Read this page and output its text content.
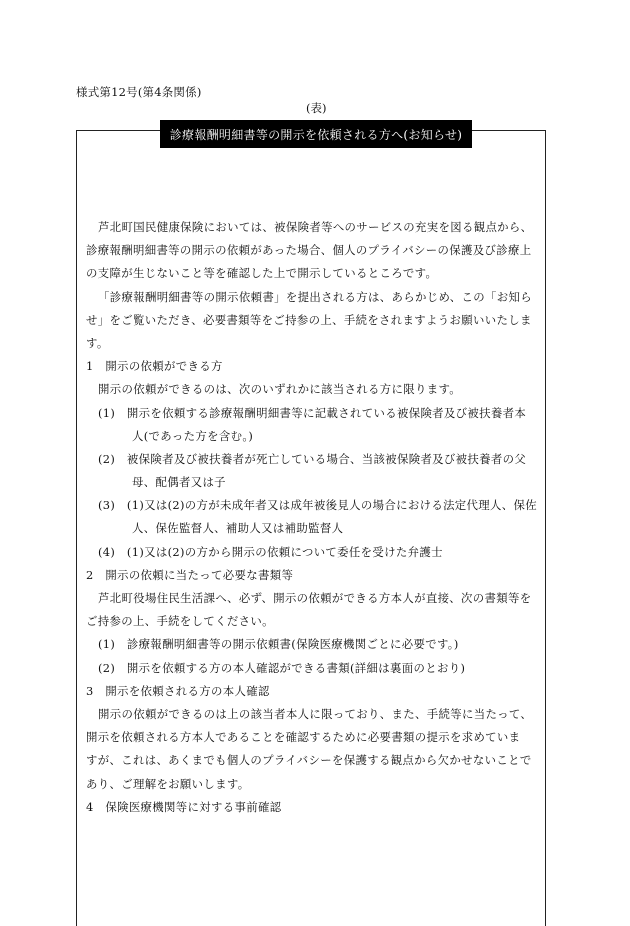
様式第12号(第4条関係)
(表)
診療報酬明細書等の開示を依頼される方へ(お知らせ)
芦北町国民健康保険においては、被保険者等へのサービスの充実を図る観点から、
診療報酬明細書等の開示の依頼があった場合、個人のプライバシーの保護及び診療上
の支障が生じないこと等を確認した上で開示しているところです。
「診療報酬明細書等の開示依頼書」を提出される方は、あらかじめ、この「お知ら
せ」をご覧いただき、必要書類等をご持参の上、手続をされますようお願いいたしま
す。
1　開示の依頼ができる方
開示の依頼ができるのは、次のいずれかに該当される方に限ります。
(1)　開示を依頼する診療報酬明細書等に記載されている被保険者及び被扶養者本
人(であった方を含む。)
(2)　被保険者及び被扶養者が死亡している場合、当該被保険者及び被扶養者の父
母、配偶者又は子
(3)　(1)又は(2)の方が未成年者又は成年被後見人の場合における法定代理人、保佐
人、保佐監督人、補助人又は補助監督人
(4)　(1)又は(2)の方から開示の依頼について委任を受けた弁護士
2　開示の依頼に当たって必要な書類等
芦北町役場住民生活課へ、必ず、開示の依頼ができる方本人が直接、次の書類等を
ご持参の上、手続をしてください。
(1)　診療報酬明細書等の開示依頼書(保険医療機関ごとに必要です。)
(2)　開示を依頼する方の本人確認ができる書類(詳細は裏面のとおり)
3　開示を依頼される方の本人確認
開示の依頼ができるのは上の該当者本人に限っており、また、手続等に当たって、
開示を依頼される方本人であることを確認するために必要書類の提示を求めていま
すが、これは、あくまでも個人のプライバシーを保護する観点から欠かせないことで
あり、ご理解をお願いします。
4　保険医療機関等に対する事前確認
